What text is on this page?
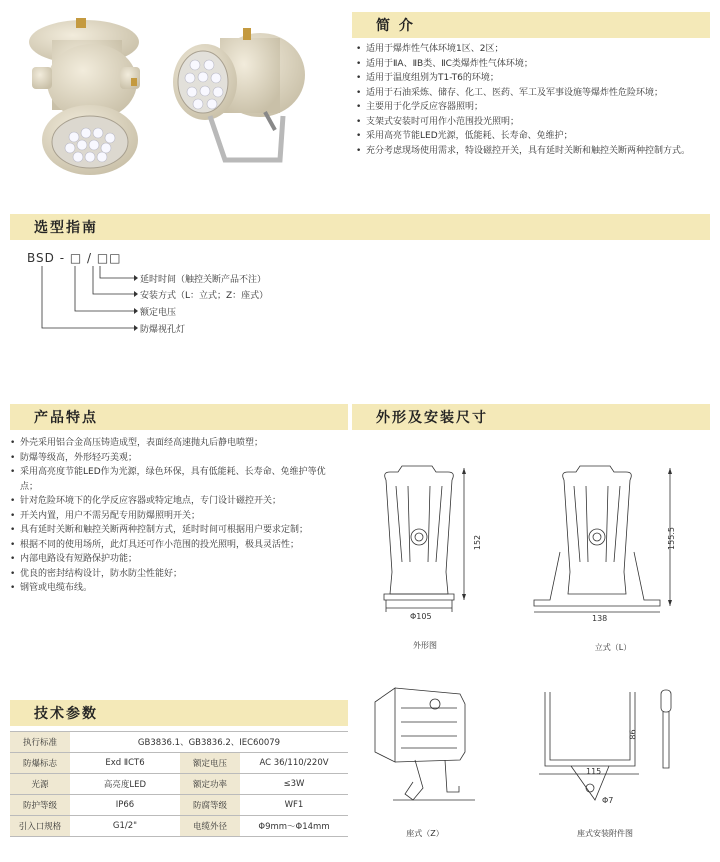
简 介
• 适用于爆炸性气体环境1区、2区；
• 适用于ⅡA、ⅡB类、ⅡC类爆炸性气体环境；
• 适用于温度组别为T1-T6的环境；
• 适用于石油采炼、储存、化工、医药、军工及军事设施等爆炸性危险环境；
• 主要用于化学反应容器照明；
• 支架式安装时可用作小范围投光照明；
• 采用高亮节能LED光源，低能耗、长寿命、免维护；
• 充分考虑现场使用需求，特设磁控开关，具有延时关断和触控关断两种控制方式。
选型指南
BSD - □ / □□
延时时间（触控关断产品不注）
安装方式（L：立式；Z：座式）
额定电压
防爆视孔灯
产品特点
• 外壳采用铝合金高压铸造成型，表面经高速抛丸后静电喷塑；
• 防爆等级高，外形轻巧美观；
• 采用高亮度节能LED作为光源，绿色环保，具有低能耗、长寿命、免维护等优点；
• 针对危险环境下的化学反应容器或特定地点，专门设计磁控开关；
• 开关内置，用户不需另配专用防爆照明开关；
• 具有延时关断和触控关断两种控制方式，延时时间可根据用户要求定制；
• 根据不同的使用场所，此灯具还可作小范围的投光照明，极具灵活性；
• 内部电路设有短路保护功能；
• 优良的密封结构设计，防水防尘性能好；
• 钢管或电缆布线。
外形及安装尺寸
152
Φ105
外形图
155.5
138
立式（L）
座式（Z）
86
115
Φ7
座式安装附件图
技术参数
执行标准	GB3836.1、GB3836.2、IEC60079		
防爆标志	Exd ⅡCT6	额定电压	AC 36/110/220V
光源	高亮度LED	额定功率	≤3W
防护等级	IP66	防腐等级	WF1
引入口规格	G1/2"	电缆外径	Φ9mm～Φ14mm
